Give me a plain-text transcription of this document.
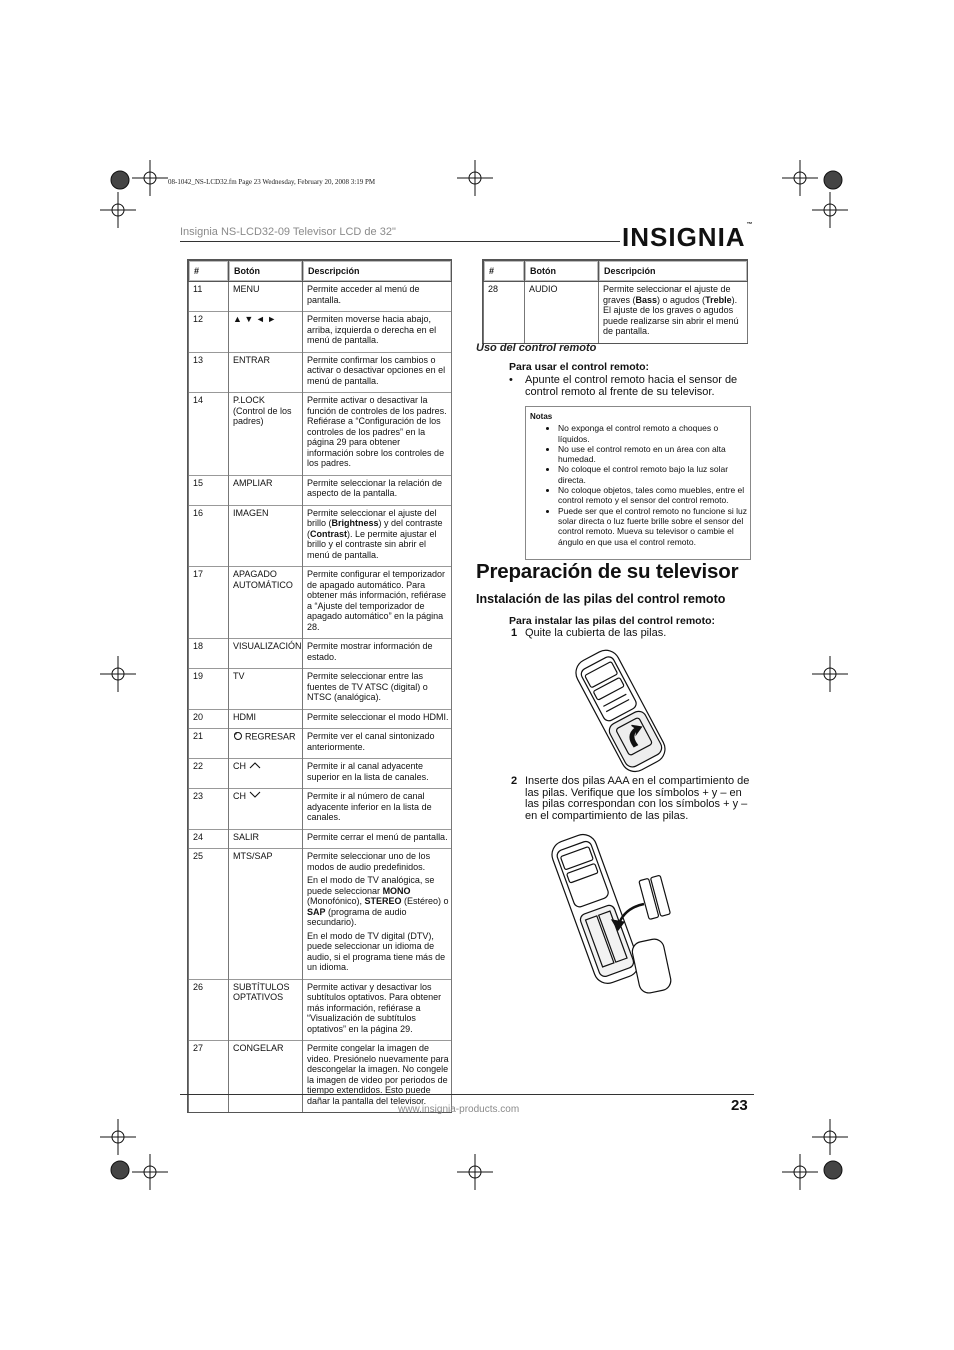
08-1042_NS-LCD32.fm Page 23 Wednesday, February 20, 2008 3:19 PM
Insignia NS-LCD32-09 Televisor LCD de 32"	INSIGNIA™
#	Botón	Descripción
11	MENU	Permite acceder al menú de pantalla.
12	▲ ▼ ◄ ►	Permiten moverse hacia abajo, arriba, izquierda o derecha en el menú de pantalla.
13	ENTRAR	Permite confirmar los cambios o activar o desactivar opciones en el menú de pantalla.
14	P.LOCK (Control de los padres)	Permite activar o desactivar la función de controles de los padres. Refiérase a “Configuración de los controles de los padres” en la página 29 para obtener información sobre los controles de los padres.
15	AMPLIAR	Permite seleccionar la relación de aspecto de la pantalla.
16	IMAGEN	Permite seleccionar el ajuste del brillo (Brightness) y del contraste (Contrast). Le permite ajustar el brillo y el contraste sin abrir el menú de pantalla.
17	APAGADO AUTOMÁTICO	Permite configurar el temporizador de apagado automático. Para obtener más información, refiérase a “Ajuste del temporizador de apagado automático” en la página 28.
18	VISUALIZACIÓN	Permite mostrar información de estado.
19	TV	Permite seleccionar entre las fuentes de TV ATSC (digital) o NTSC (analógica).
20	HDMI	Permite seleccionar el modo HDMI.
21	REGRESAR	Permite ver el canal sintonizado anteriormente.
22	CH	Permite ir al canal adyacente superior en la lista de canales.
23	CH	Permite ir al número de canal adyacente inferior en la lista de canales.
24	SALIR	Permite cerrar el menú de pantalla.
25	MTS/SAP	Permite seleccionar uno de los modos de audio predefinidos.
En el modo de TV analógica, se puede seleccionar MONO (Monofónico), STEREO (Estéreo) o SAP (programa de audio secundario).
En el modo de TV digital (DTV), puede seleccionar un idioma de audio, si el programa tiene más de un idioma.

26	SUBTÍTULOS OPTATIVOS	Permite activar y desactivar los subtítulos optativos. Para obtener más información, refiérase a “Visualización de subtítulos optativos” en la página 29.
27	CONGELAR	Permite congelar la imagen de video. Presiónelo nuevamente para descongelar la imagen. No congele la imagen de video por periodos de tiempo extendidos. Esto puede dañar la pantalla del televisor.
#	Botón	Descripción
28	AUDIO	Permite seleccionar el ajuste de graves (Bass) o agudos (Treble). El ajuste de los graves o agudos puede realizarse sin abrir el menú de pantalla.
Uso del control remoto
Para usar el control remoto:
• Apunte el control remoto hacia el sensor de control remoto al frente de su televisor.
Notas
• No exponga el control remoto a choques o líquidos.
• No use el control remoto en un área con alta humedad.
• No coloque el control remoto bajo la luz solar directa.
• No coloque objetos, tales como muebles, entre el control remoto y el sensor del control remoto.
• Puede ser que el control remoto no funcione si luz solar directa o luz fuerte brille sobre el sensor del control remoto. Mueva su televisor o cambie el ángulo en que usa el control remoto.
Preparación de su televisor
Instalación de las pilas del control remoto
Para instalar las pilas del control remoto:
1 Quite la cubierta de las pilas.
2 Inserte dos pilas AAA en el compartimiento de las pilas. Verifique que los símbolos + y – en las pilas correspondan con los símbolos + y – en el compartimiento de las pilas.
www.insignia-products.com	23
